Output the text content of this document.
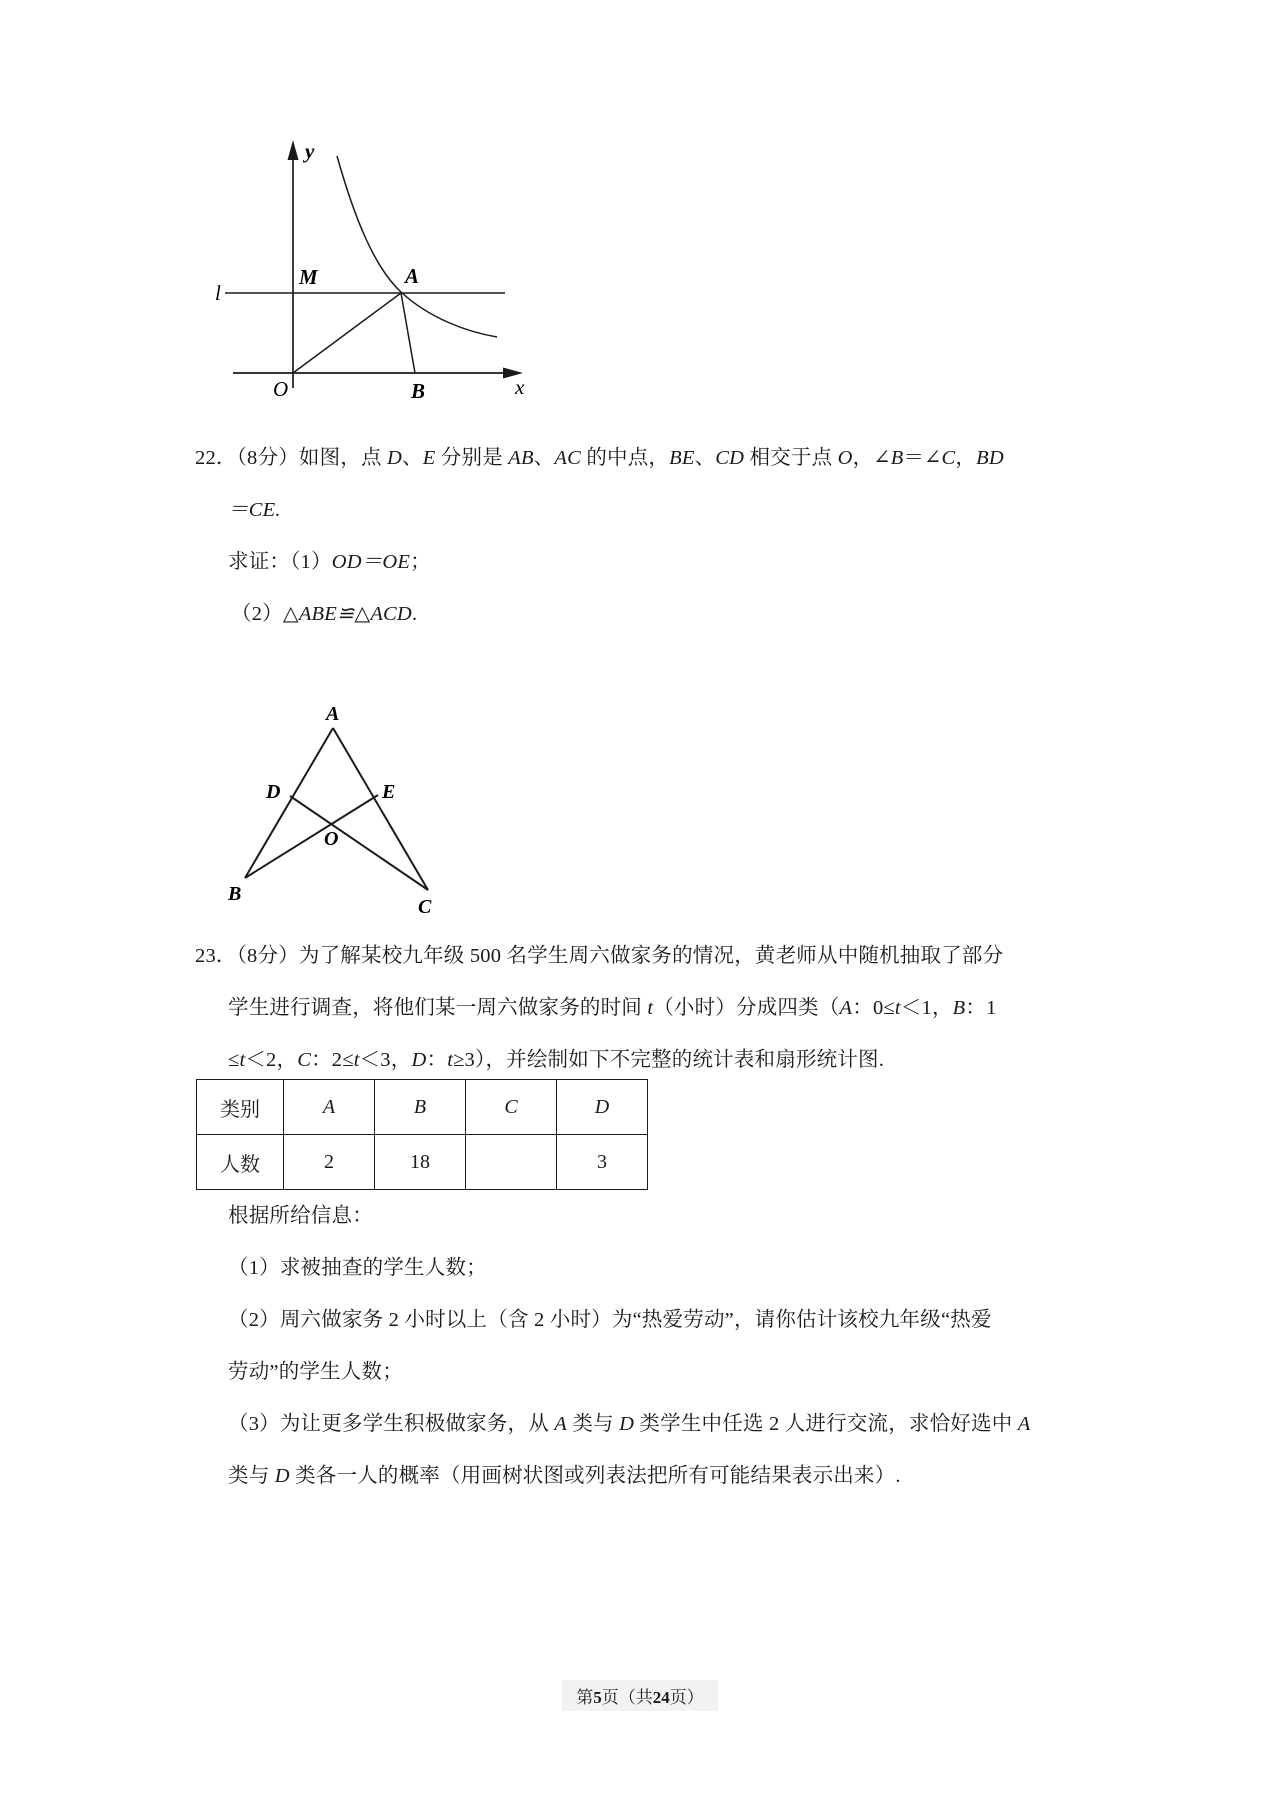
y
x
O
l
M	A
B
22．（8分）如图，点 D、E 分别是 AB、AC 的中点，BE、CD 相交于点 O，∠B＝∠C，BD
＝CE.
求证：（1）OD＝OE；
（2）△ABE≌△ACD.
A
B
C
D	E
O
23．（8分）为了解某校九年级 500 名学生周六做家务的情况，黄老师从中随机抽取了部分
学生进行调查，将他们某一周六做家务的时间 t（小时）分成四类（A：0≤t＜1，B：1
≤t＜2，C：2≤t＜3，D：t≥3），并绘制如下不完整的统计表和扇形统计图.
类别	A	B	C	D
人数	2	18		3
根据所给信息：
（1）求被抽查的学生人数；
（2）周六做家务 2 小时以上（含 2 小时）为“热爱劳动”，请你估计该校九年级“热爱
劳动”的学生人数；
（3）为让更多学生积极做家务，从 A 类与 D 类学生中任选 2 人进行交流，求恰好选中 A
类与 D 类各一人的概率（用画树状图或列表法把所有可能结果表示出来）.
第5页（共24页）
